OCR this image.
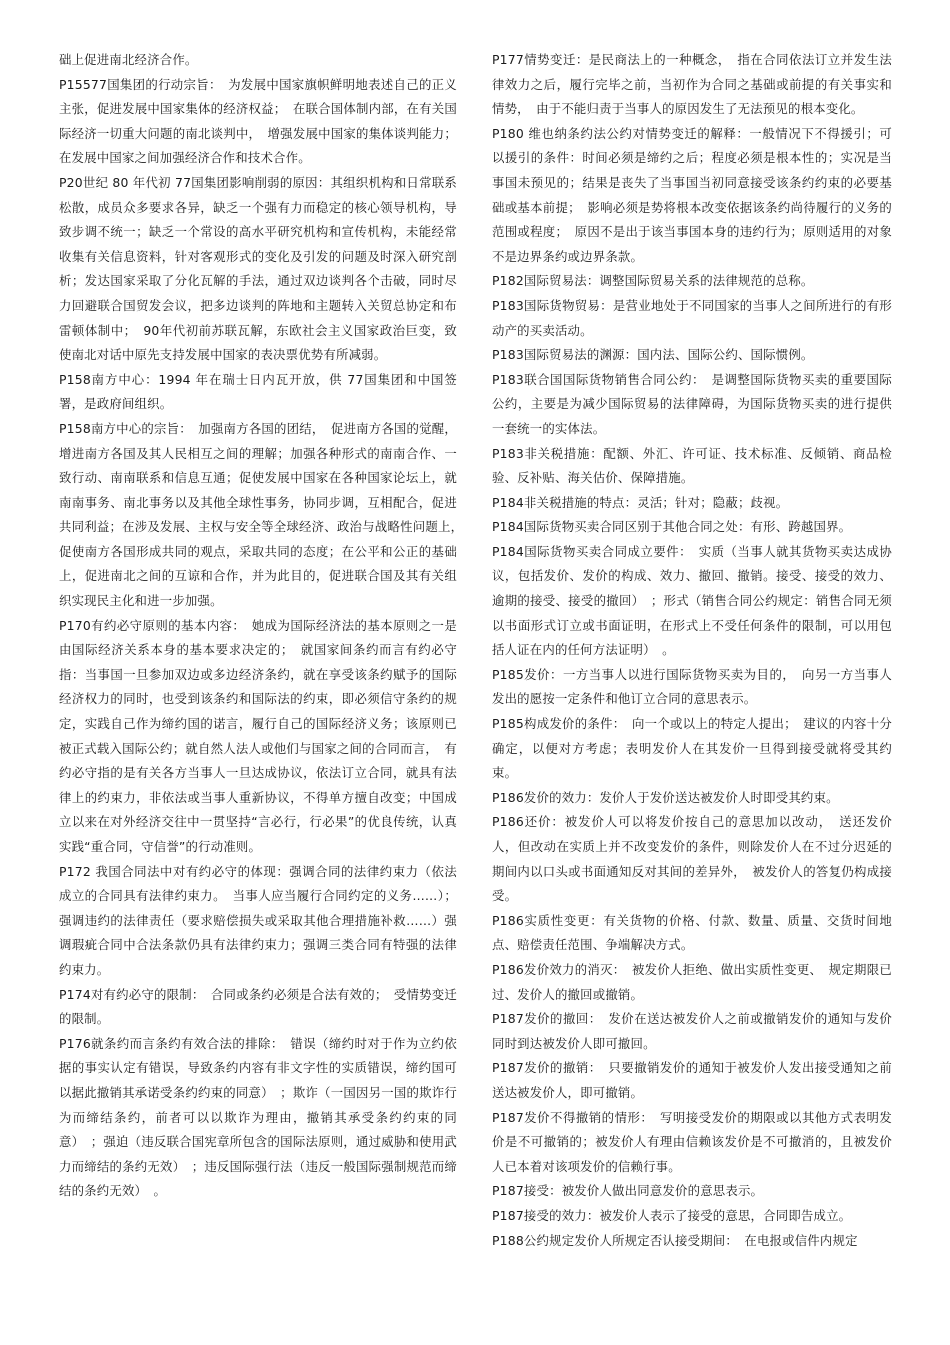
础上促进南北经济合作。

P15577国集团的行动宗旨：　为发展中国家旗帜鲜明地表述自己的正义主张，促进发展中国家集体的经济权益；　在联合国体制内部，在有关国际经济一切重大问题的南北谈判中，　增强发展中国家的集体谈判能力；在发展中国家之间加强经济合作和技术合作。

P20世纪 80 年代初 77国集团影响削弱的原因：其组织机构和日常联系松散，成员众多要求各异，缺乏一个强有力而稳定的核心领导机构，导致步调不统一；缺乏一个常设的高水平研究机构和宣传机构，未能经常收集有关信息资料，针对客观形式的变化及引发的问题及时深入研究剖析；发达国家采取了分化瓦解的手法，通过双边谈判各个击破，同时尽力回避联合国贸发会议，把多边谈判的阵地和主题转入关贸总协定和布雷顿体制中；　90年代初前苏联瓦解，东欧社会主义国家政治巨变，致使南北对话中原先支持发展中国家的表决票优势有所减弱。

P158南方中心：1994 年在瑞士日内瓦开放，供 77国集团和中国签署，是政府间组织。

P158南方中心的宗旨：　加强南方各国的团结，　促进南方各国的觉醒，增进南方各国及其人民相互之间的理解；加强各种形式的南南合作、一致行动、南南联系和信息互通；促使发展中国家在各种国家论坛上，就南南事务、南北事务以及其他全球性事务，协同步调，互相配合，促进共同利益；在涉及发展、主权与安全等全球经济、政治与战略性问题上，　促使南方各国形成共同的观点，采取共同的态度；在公平和公正的基础上，促进南北之间的互谅和合作，并为此目的，促进联合国及其有关组织实现民主化和进一步加强。

P170有约必守原则的基本内容：　她成为国际经济法的基本原则之一是由国际经济关系本身的基本要求决定的；　就国家间条约而言有约必守指：当事国一旦参加双边或多边经济条约，就在享受该条约赋予的国际经济权力的同时，也受到该条约和国际法的约束，即必须信守条约的规定，实践自己作为缔约国的诺言，履行自己的国际经济义务；该原则已被正式载入国际公约；就自然人法人或他们与国家之间的合同而言，　有约必守指的是有关各方当事人一旦达成协议，依法订立合同，就具有法律上的约束力，非依法或当事人重新协议，不得单方擅自改变；中国成立以来在对外经济交往中一贯坚持“言必行，行必果”的优良传统，认真实践“重合同，守信誉”的行动准则。

P172 我国合同法中对有约必守的体现：强调合同的法律约束力（依法成立的合同具有法律约束力。　当事人应当履行合同约定的义务……）；强调违约的法律责任（要求赔偿损失或采取其他合理措施补救……）强调瑕疵合同中合法条款仍具有法律约束力；强调三类合同有特强的法律约束力。

P174对有约必守的限制：　合同或条约必须是合法有效的；　受情势变迁的限制。

P176就条约而言条约有效合法的排除：　错误（缔约时对于作为立约依据的事实认定有错误，导致条约内容有非文字性的实质错误，缔约国可以据此撤销其承诺受条约约束的同意）　；欺诈（一国因另一国的欺诈行为而缔结条约，前者可以以欺诈为理由，撤销其承受条约约束的同意）　；强迫（违反联合国宪章所包含的国际法原则，通过威胁和使用武力而缔结的条约无效）　；违反国际强行法（违反一般国际强制规范而缔结的条约无效）　。

P177情势变迁：是民商法上的一种概念，　指在合同依法订立并发生法律效力之后，履行完毕之前，当初作为合同之基础或前提的有关事实和情势，　由于不能归责于当事人的原因发生了无法预见的根本变化。

P180 维也纳条约法公约对情势变迁的解释：一般情况下不得援引；可以援引的条件：时间必须是缔约之后；程度必须是根本性的；实况是当事国未预见的；结果是丧失了当事国当初同意接受该条约约束的必要基础或基本前提；　影响必须是势将根本改变依据该条约尚待履行的义务的范围或程度；　原因不是出于该当事国本身的违约行为；原则适用的对象不是边界条约或边界条款。

P182国际贸易法：调整国际贸易关系的法律规范的总称。

P183国际货物贸易：是营业地处于不同国家的当事人之间所进行的有形动产的买卖活动。

P183国际贸易法的渊源：国内法、国际公约、国际惯例。

P183联合国国际货物销售合同公约：　是调整国际货物买卖的重要国际公约，主要是为减少国际贸易的法律障碍，为国际货物买卖的进行提供一套统一的实体法。

P183非关税措施：配额、外汇、许可证、技术标准、反倾销、商品检验、反补贴、海关估价、保障措施。

P184非关税措施的特点：灵活；针对；隐蔽；歧视。

P184国际货物买卖合同区别于其他合同之处：有形、跨越国界。

P184国际货物买卖合同成立要件：　实质（当事人就其货物买卖达成协议，包括发价、发价的构成、效力、撤回、撤销。接受、接受的效力、逾期的接受、接受的撤回）　；形式（销售合同公约规定：销售合同无须以书面形式订立或书面证明，在形式上不受任何条件的限制，可以用包括人证在内的任何方法证明）　。

P185发价：一方当事人以进行国际货物买卖为目的，　向另一方当事人发出的愿按一定条件和他订立合同的意思表示。

P185构成发价的条件：　向一个或以上的特定人提出；　建议的内容十分确定，以便对方考虑；表明发价人在其发价一旦得到接受就将受其约束。

P186发价的效力：发价人于发价送达被发价人时即受其约束。

P186还价：被发价人可以将发价按自己的意思加以改动，　送还发价人，但改动在实质上并不改变发价的条件，则除发价人在不过分迟延的期间内以口头或书面通知反对其间的差异外，　被发价人的答复仍构成接受。

P186实质性变更：有关货物的价格、付款、数量、质量、交货时间地点、赔偿责任范围、争端解决方式。

P186发价效力的消灭：　被发价人拒绝、做出实质性变更、　规定期限已过、发价人的撤回或撤销。

P187发价的撤回：　发价在送达被发价人之前或撤销发价的通知与发价同时到达被发价人即可撤回。

P187发价的撤销：　只要撤销发价的通知于被发价人发出接受通知之前送达被发价人，即可撤销。

P187发价不得撤销的情形：　写明接受发价的期限或以其他方式表明发价是不可撤销的；被发价人有理由信赖该发价是不可撤消的，且被发价人已本着对该项发价的信赖行事。

P187接受：被发价人做出同意发价的意思表示。

P187接受的效力：被发价人表示了接受的意思，合同即告成立。

P188公约规定发价人所规定否认接受期间：　在电报或信件内规定
